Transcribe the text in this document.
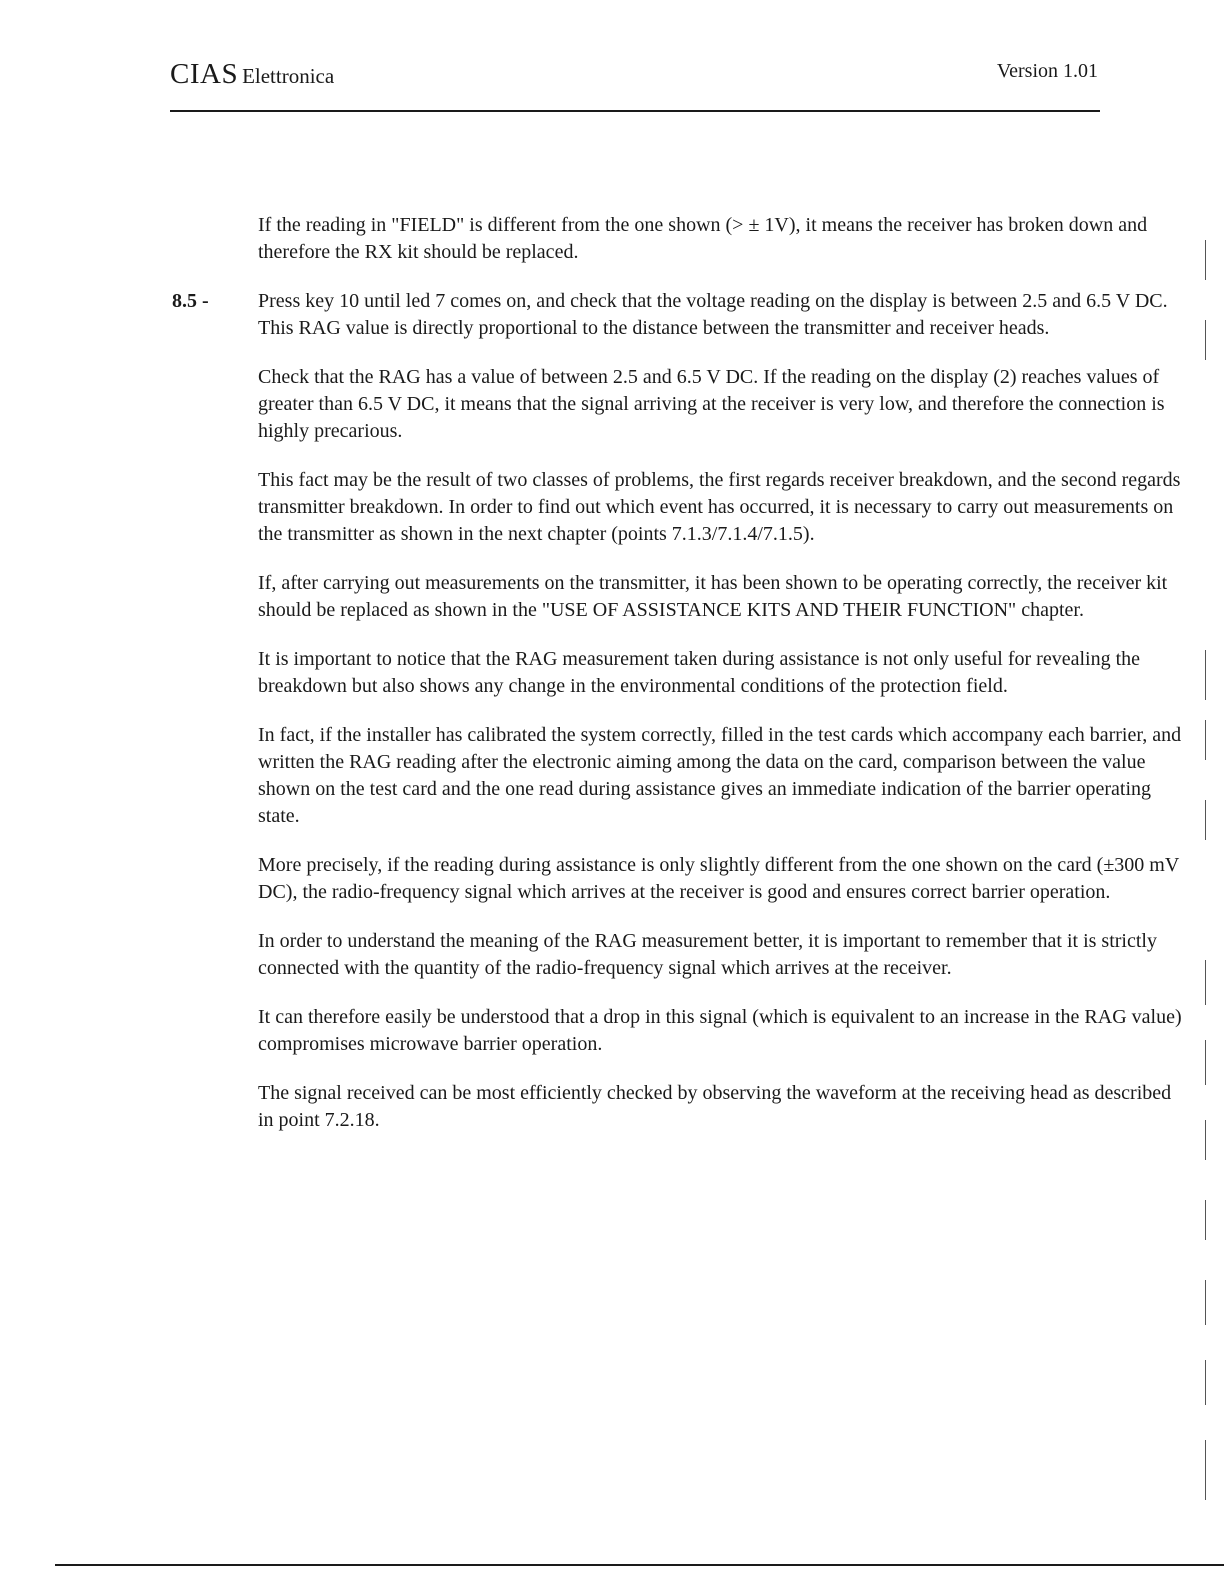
CIAS Elettronica	Version 1.01

If the reading in "FIELD" is different from the one shown (> ± 1V), it means the receiver has broken down and therefore the RX kit should be replaced.

8.5 - Press key 10 until led 7 comes on, and check that the voltage reading on the display is between 2.5 and 6.5 V DC. This RAG value is directly proportional to the distance between the transmitter and receiver heads.

Check that the RAG has a value of between 2.5 and 6.5 V DC. If the reading on the display (2) reaches values of greater than 6.5 V DC, it means that the signal arriving at the receiver is very low, and therefore the connection is highly precarious.

This fact may be the result of two classes of problems, the first regards receiver breakdown, and the second regards transmitter breakdown. In order to find out which event has occurred, it is necessary to carry out measurements on the transmitter as shown in the next chapter (points 7.1.3/7.1.4/7.1.5).

If, after carrying out measurements on the transmitter, it has been shown to be operating correctly, the receiver kit should be replaced as shown in the "USE OF ASSISTANCE KITS AND THEIR FUNCTION" chapter.

It is important to notice that the RAG measurement taken during assistance is not only useful for revealing the breakdown but also shows any change in the environmental conditions of the protection field.

In fact, if the installer has calibrated the system correctly, filled in the test cards which accompany each barrier, and written the RAG reading after the electronic aiming among the data on the card, comparison between the value shown on the test card and the one read during assistance gives an immediate indication of the barrier operating state.

More precisely, if the reading during assistance is only slightly different from the one shown on the card (±300 mV DC), the radio-frequency signal which arrives at the receiver is good and ensures correct barrier operation.

In order to understand the meaning of the RAG measurement better, it is important to remember that it is strictly connected with the quantity of the radio-frequency signal which arrives at the receiver.

It can therefore easily be understood that a drop in this signal (which is equivalent to an increase in the RAG value) compromises microwave barrier operation.

The signal received can be most efficiently checked by observing the waveform at the receiving head as described in point 7.2.18.
